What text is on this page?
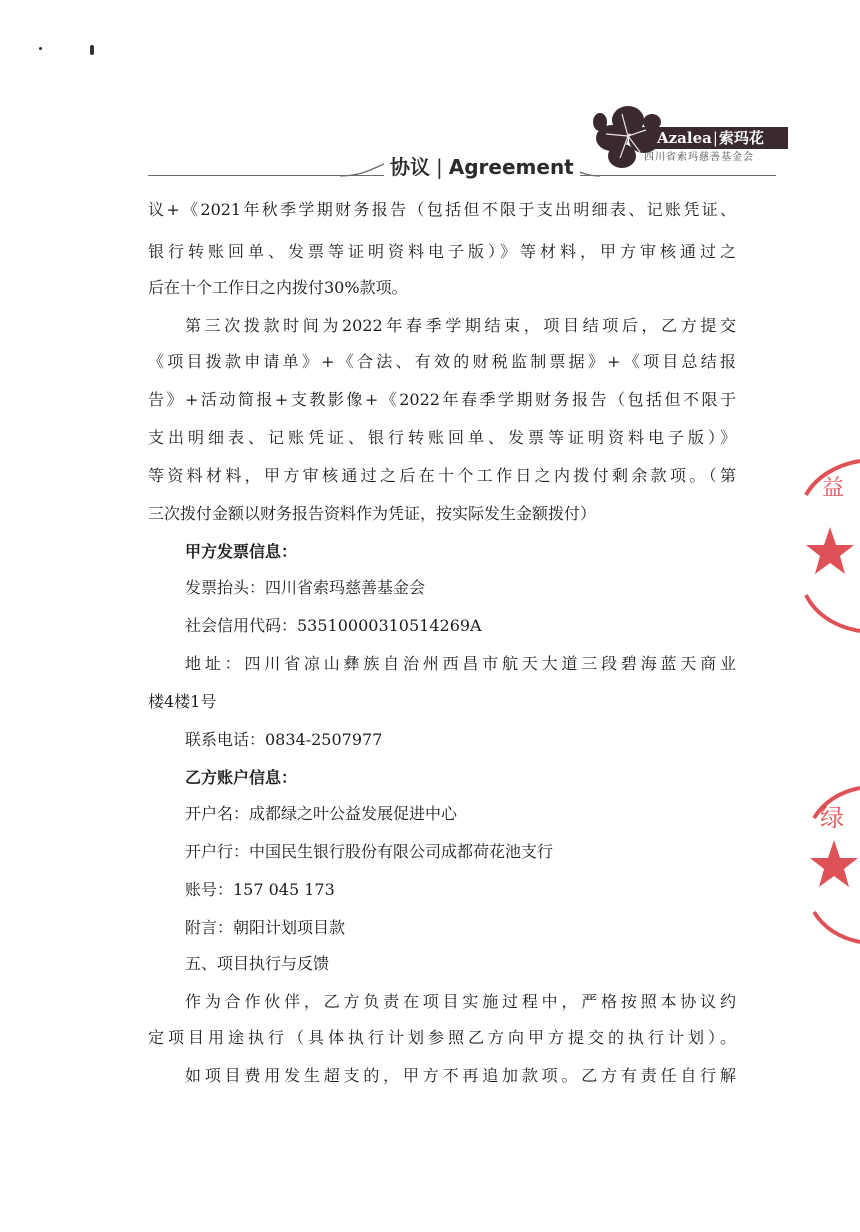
协议 | Agreement
Azalea|索玛花
四川省索玛慈善基金会
议+《2021年秋季学期财务报告（包括但不限于支出明细表、记账凭证、
银行转账回单、发票等证明资料电子版）》等材料，甲方审核通过之
后在十个工作日之内拨付30%款项。
第三次拨款时间为2022年春季学期结束，项目结项后，乙方提交
《项目拨款申请单》+《合法、有效的财税监制票据》+《项目总结报
告》+活动简报+支教影像+《2022年春季学期财务报告（包括但不限于
支出明细表、记账凭证、银行转账回单、发票等证明资料电子版）》
等资料材料，甲方审核通过之后在十个工作日之内拨付剩余款项。（第
三次拨付金额以财务报告资料作为凭证，按实际发生金额拨付）
甲方发票信息：
发票抬头：四川省索玛慈善基金会
社会信用代码：53510000310514269A
地址：四川省凉山彝族自治州西昌市航天大道三段碧海蓝天商业
楼4楼1号
联系电话：0834-2507977
乙方账户信息：
开户名：成都绿之叶公益发展促进中心
开户行：中国民生银行股份有限公司成都荷花池支行
账号：157 045 173
附言：朝阳计划项目款
五、项目执行与反馈
作为合作伙伴，乙方负责在项目实施过程中，严格按照本协议约
定项目用途执行（具体执行计划参照乙方向甲方提交的执行计划）。
如项目费用发生超支的，甲方不再追加款项。乙方有责任自行解
益
绿
